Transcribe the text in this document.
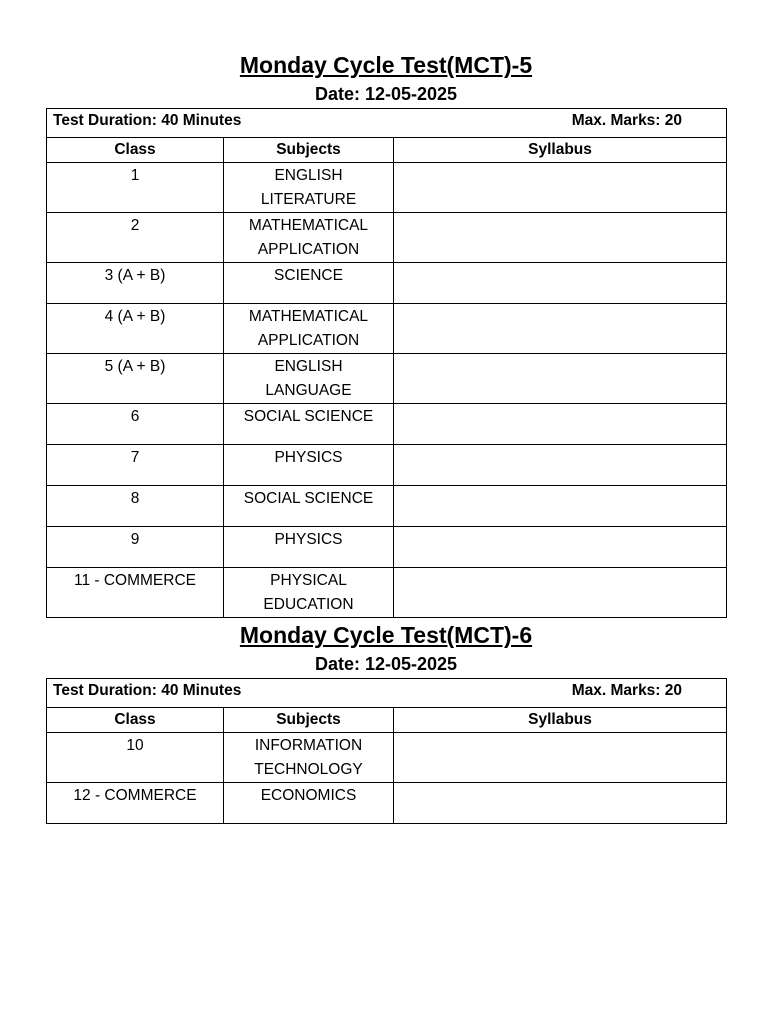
Monday Cycle Test(MCT)-5
Date: 12-05-2025
Test Duration: 40 Minutes Max. Marks: 20		

Class	Subjects	Syllabus

1	ENGLISH
LITERATURE	

2	MATHEMATICAL
APPLICATION	

3 (A + B)	SCIENCE	

4 (A + B)	MATHEMATICAL
APPLICATION	

5 (A + B)	ENGLISH
LANGUAGE	

6	SOCIAL SCIENCE	

7	PHYSICS	

8	SOCIAL SCIENCE	

9	PHYSICS	

11 - COMMERCE	PHYSICAL
EDUCATION	

Monday Cycle Test(MCT)-6
Date: 12-05-2025
Test Duration: 40 Minutes Max. Marks: 20		

Class	Subjects	Syllabus

10	INFORMATION
TECHNOLOGY	

12 - COMMERCE	ECONOMICS	
